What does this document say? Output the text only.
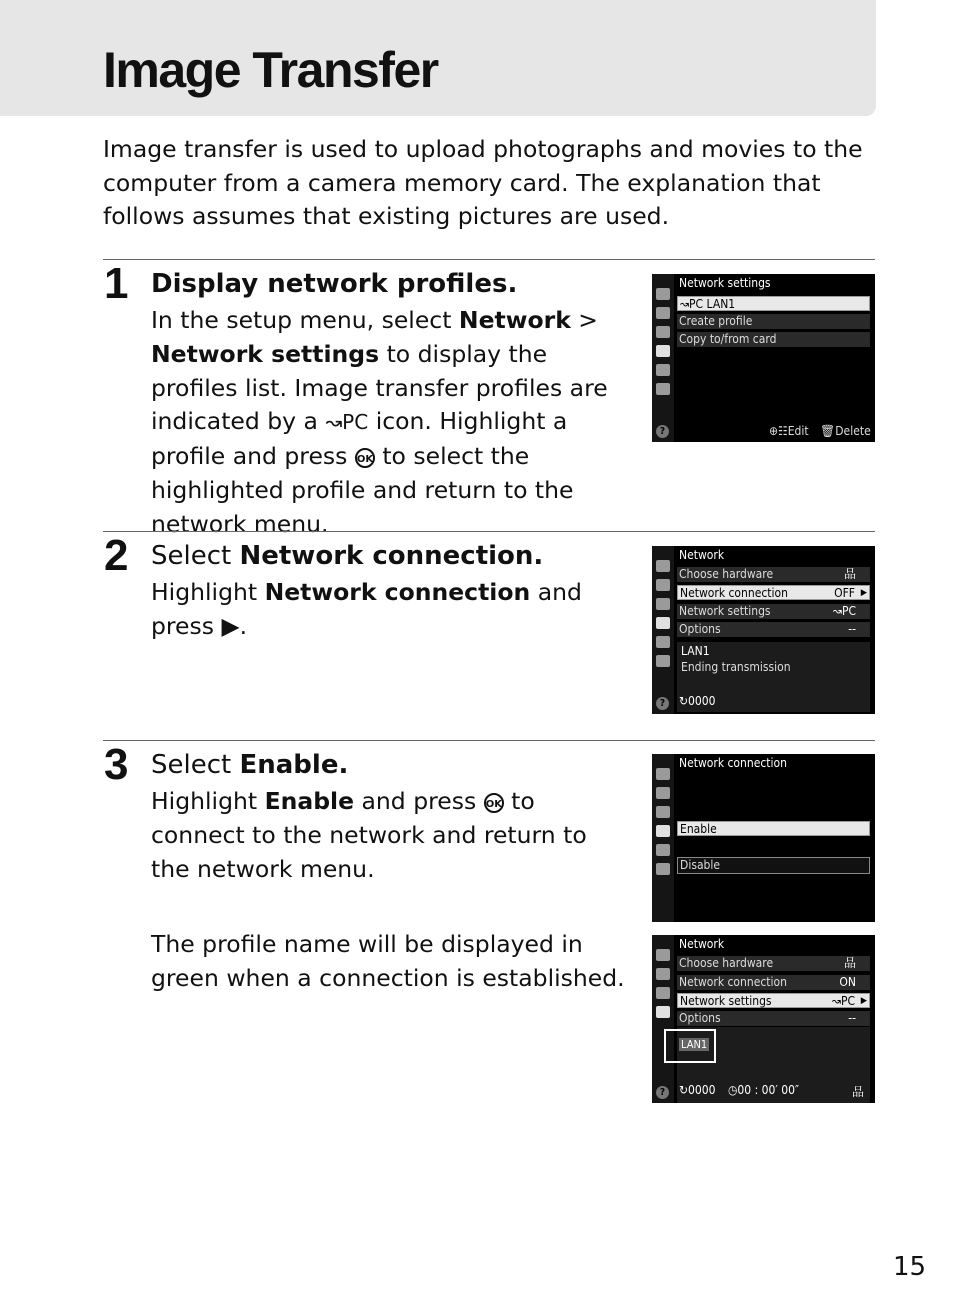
Image Transfer

Image transfer is used to upload photographs and movies to the computer from a camera memory card. The explanation that follows assumes that existing pictures are used.

1 Display network profiles.

In the setup menu, select Network > Network settings to display the profiles list. Image transfer profiles are indicated by a ↝PC icon. Highlight a profile and press OK to select the highlighted profile and return to the network menu.

?
Network settings
↝PC LAN1
Create profile
Copy to/from card
⊕☷Edit 🗑Delete
2 Select Network connection.

Highlight Network connection and press ▶.

?
Network
Choose hardware	品
Network connection	OFF ▶
Network settings	↝PC
Options	--
LAN1
Ending transmission
↻0000
3 Select Enable.

Highlight Enable and press OK to connect to the network and return to the network menu.

The profile name will be displayed in green when a connection is established.

Network connection
Enable
Disable
?
Network
Choose hardware	品
Network connection	ON
Network settings	↝PC ▶
Options	--
LAN1
↻0000 ◷00 : 00′ 00″	品
15
